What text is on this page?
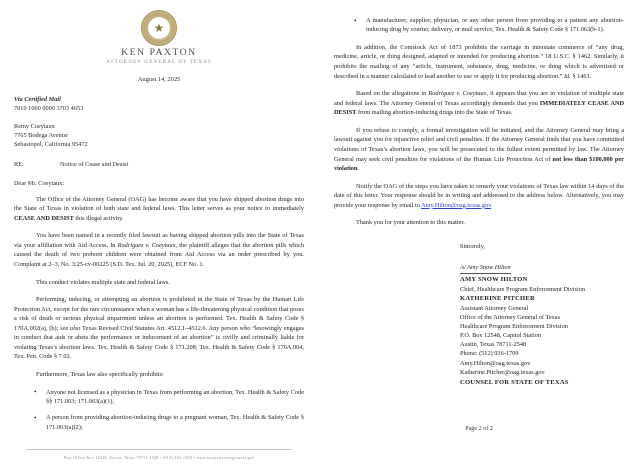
★
KEN PAXTON
ATTORNEY GENERAL OF TEXAS
August 14, 2025
Via Certified Mail
7010 1060 0000 3703 4653
Remy Coeytaux
7765 Bodega Avenue
Sebastopol, California 95472
RE:	Notice of Cease and Desist
Dear Mr. Coeytaux:

The Office of the Attorney General (OAG) has become aware that you have shipped abortion drugs into the State of Texas in violation of both state and federal laws. This letter serves as your notice to immediately CEASE AND DESIST this illegal activity.

You have been named in a recently filed lawsuit as having shipped abortion pills into the State of Texas via your affiliation with Aid Access. In Rodriguez v. Coeytaux, the plaintiff alleges that the abortion pills which caused the death of two preborn children were obtained from Aid Access via an order prescribed by you. Complaint at 2–3, No. 3:25-cv-00225 (S.D. Tex. Jul. 20, 2025), ECF No. 1.

This conduct violates multiple state and federal laws.

Performing, inducing, or attempting an abortion is prohibited in the State of Texas by the Human Life Protection Act, except for the rare circumstance when a woman has a life-threatening physical condition that poses a risk of death or serious physical impairment unless an abortion is performed. Tex. Health & Safety Code § 170A.002(a), (b); see also Texas Revised Civil Statutes Art. 4512.1–4512.6. Any person who “knowingly engages in conduct that aids or abets the performance or inducement of an abortion” is civilly and criminally liable for violating Texas’s abortion laws. Tex. Health & Safety Code § 171.208; Tex. Health & Safety Code § 170A.004, Tex. Pen. Code § 7.02.

Furthermore, Texas law also specifically prohibits:

• Anyone not licensed as a physician in Texas from performing an abortion, Tex. Health & Safety Code §§ 171.003; 171.063(a)(1),
• A person from providing abortion-inducing drugs to a pregnant woman, Tex. Health & Safety Code § 171.063(a)(2);
Post Office Box 12548, Austin, Texas 78711-2548 • (512) 463-2100 • www.texasattorneygeneral.gov
• A manufacturer, supplier, physician, or any other person from providing to a patient any abortion-inducing drug by courier, delivery, or mail service, Tex. Health & Safety Code § 171.063(b-1).

In addition, the Comstock Act of 1873 prohibits the carriage in interstate commerce of “any drug, medicine, article, or thing designed, adapted or intended for producing abortion.” 18 U.S.C. § 1462. Similarly, it prohibits the mailing of any “article, instrument, substance, drug, medicine, or thing which is advertised or described in a manner calculated to lead another to use or apply it for producing abortion.” Id. § 1461.

Based on the allegations in Rodriguez v. Coeytaux, it appears that you are in violation of multiple state and federal laws. The Attorney General of Texas accordingly demands that you IMMEDIATELY CEASE AND DESIST from mailing abortion-inducing drugs into the State of Texas.

If you refuse to comply, a formal investigation will be initiated, and the Attorney General may bring a lawsuit against you for injunctive relief and civil penalties. If the Attorney General finds that you have committed violations of Texas’s abortion laws, you will be prosecuted to the fullest extent permitted by law. The Attorney General may seek civil penalties for violations of the Human Life Protection Act of not less than $100,000 per violation.

Notify the OAG of the steps you have taken to remedy your violations of Texas law within 14 days of the date of this letter. Your response should be in writing and addressed to the address below. Alternatively, you may provide your response by email to Amy.Hilton@oag.texas.gov.

Thank you for your attention to this matter.

Sincerely,
/s/ Amy Snow Hilton
AMY SNOW HILTON
Chief, Healthcare Program Enforcement Division
KATHERINE PITCHER
Assistant Attorney General
Office of the Attorney General of Texas
Healthcare Program Enforcement Division
P.O. Box 12548, Capitol Station
Austin, Texas 78711-2548
Phone: (512) 936-1709
Amy.Hilton@oag.texas.gov
Katherine.Pitcher@oag.texas.gov
COUNSEL FOR STATE OF TEXAS
Page 2 of 2
